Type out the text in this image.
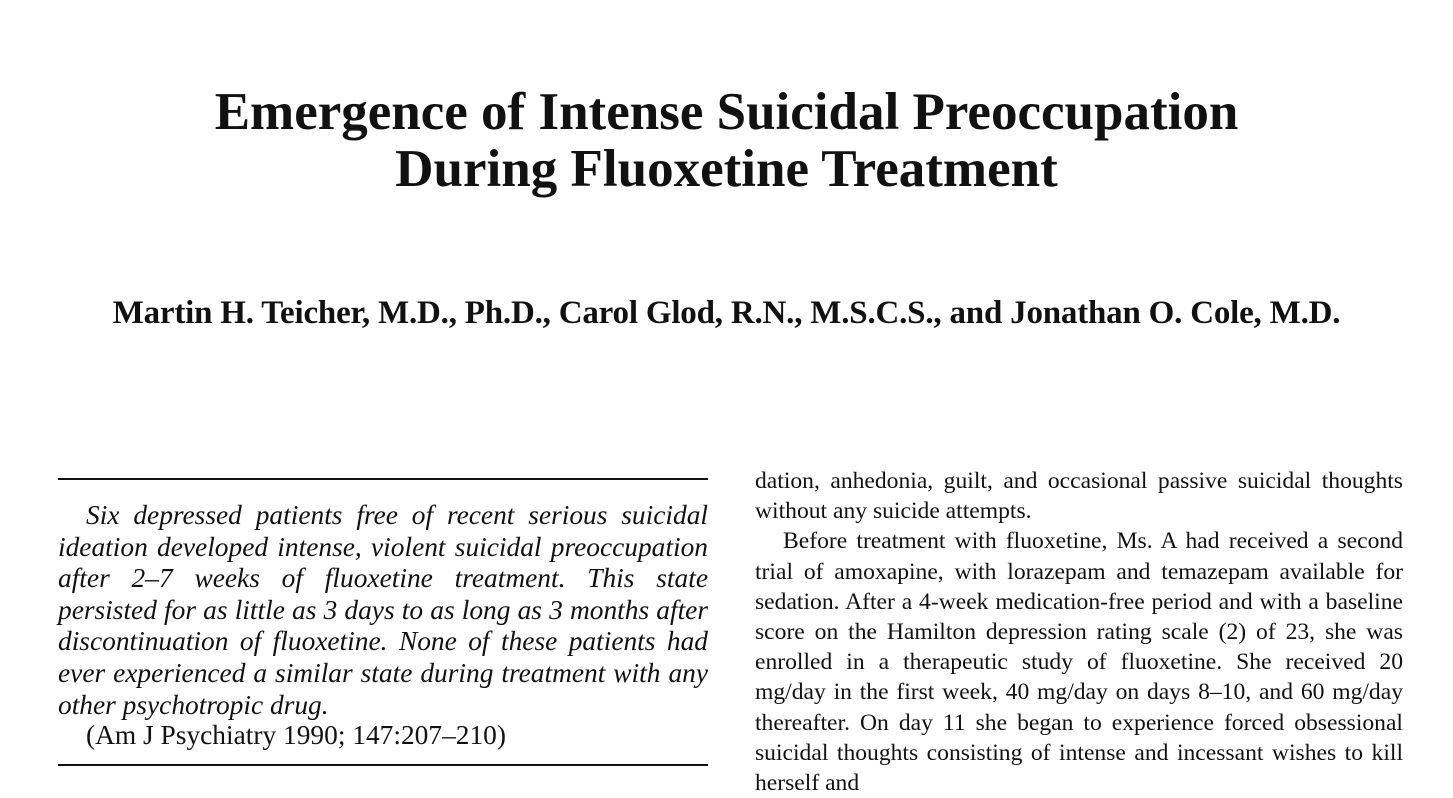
Emergence of Intense Suicidal Preoccupation
During Fluoxetine Treatment
Martin H. Teicher, M.D., Ph.D., Carol Glod, R.N., M.S.C.S., and Jonathan O. Cole, M.D.

Six depressed patients free of recent serious suicidal ideation developed intense, violent suicidal preoccupation after 2–7 weeks of fluoxetine treatment. This state persisted for as little as 3 days to as long as 3 months after discontinuation of fluoxetine. None of these patients had ever experienced a similar state during treatment with any other psychotropic drug.

(Am J Psychiatry 1990; 147:207–210)

dation, anhedonia, guilt, and occasional passive suicidal thoughts without any suicide attempts.

Before treatment with fluoxetine, Ms. A had received a second trial of amoxapine, with lorazepam and temazepam available for sedation. After a 4-week medication-free period and with a baseline score on the Hamilton depression rating scale (2) of 23, she was enrolled in a therapeutic study of fluoxetine. She received 20 mg/day in the first week, 40 mg/day on days 8–10, and 60 mg/day thereafter. On day 11 she began to experience forced obsessional suicidal thoughts consisting of intense and incessant wishes to kill herself and
